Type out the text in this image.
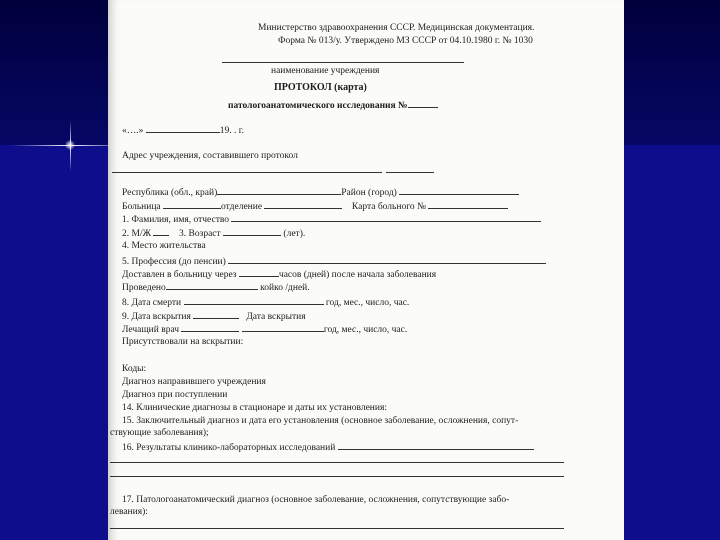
Министерство здравоохранения СССР. Медицинская документация.
Форма № 013/у. Утверждено МЗ СССР от 04.10.1980 г. № 1030
наименование учреждения
ПРОТОКОЛ (карта)
патологоанатомического исследования №
«….»	19. . г.
Адрес учреждения, составившего протокол
Республика (обл., край)	Район (город)
Больница	отделение	Карта больного №
1. Фамилия, имя, отчество
2. М/Ж	3. Возраст	(лет).
4. Место жительства
5. Профессия (до пенсии)
Доставлен в больницу через	часов (дней) после начала заболевания
Проведено	койко /дней.
8. Дата смерти	год, мес., число, час.
9. Дата вскрытия	Дата вскрытия
Лечащий врач	год, мес., число, час.
Присутствовали на вскрытии:
Коды:
Диагноз направившего учреждения
Диагноз при поступлении
14. Клинические диагнозы в стационаре и даты их установления:
15. Заключительный диагноз и дата его установления (основное заболевание, осложнения, сопут-
ствующие заболевания);
16. Результаты клинико-лабораторных исследований
17. Патологоанатомический диагноз (основное заболевание, осложнения, сопутствующие забо-
левания):
